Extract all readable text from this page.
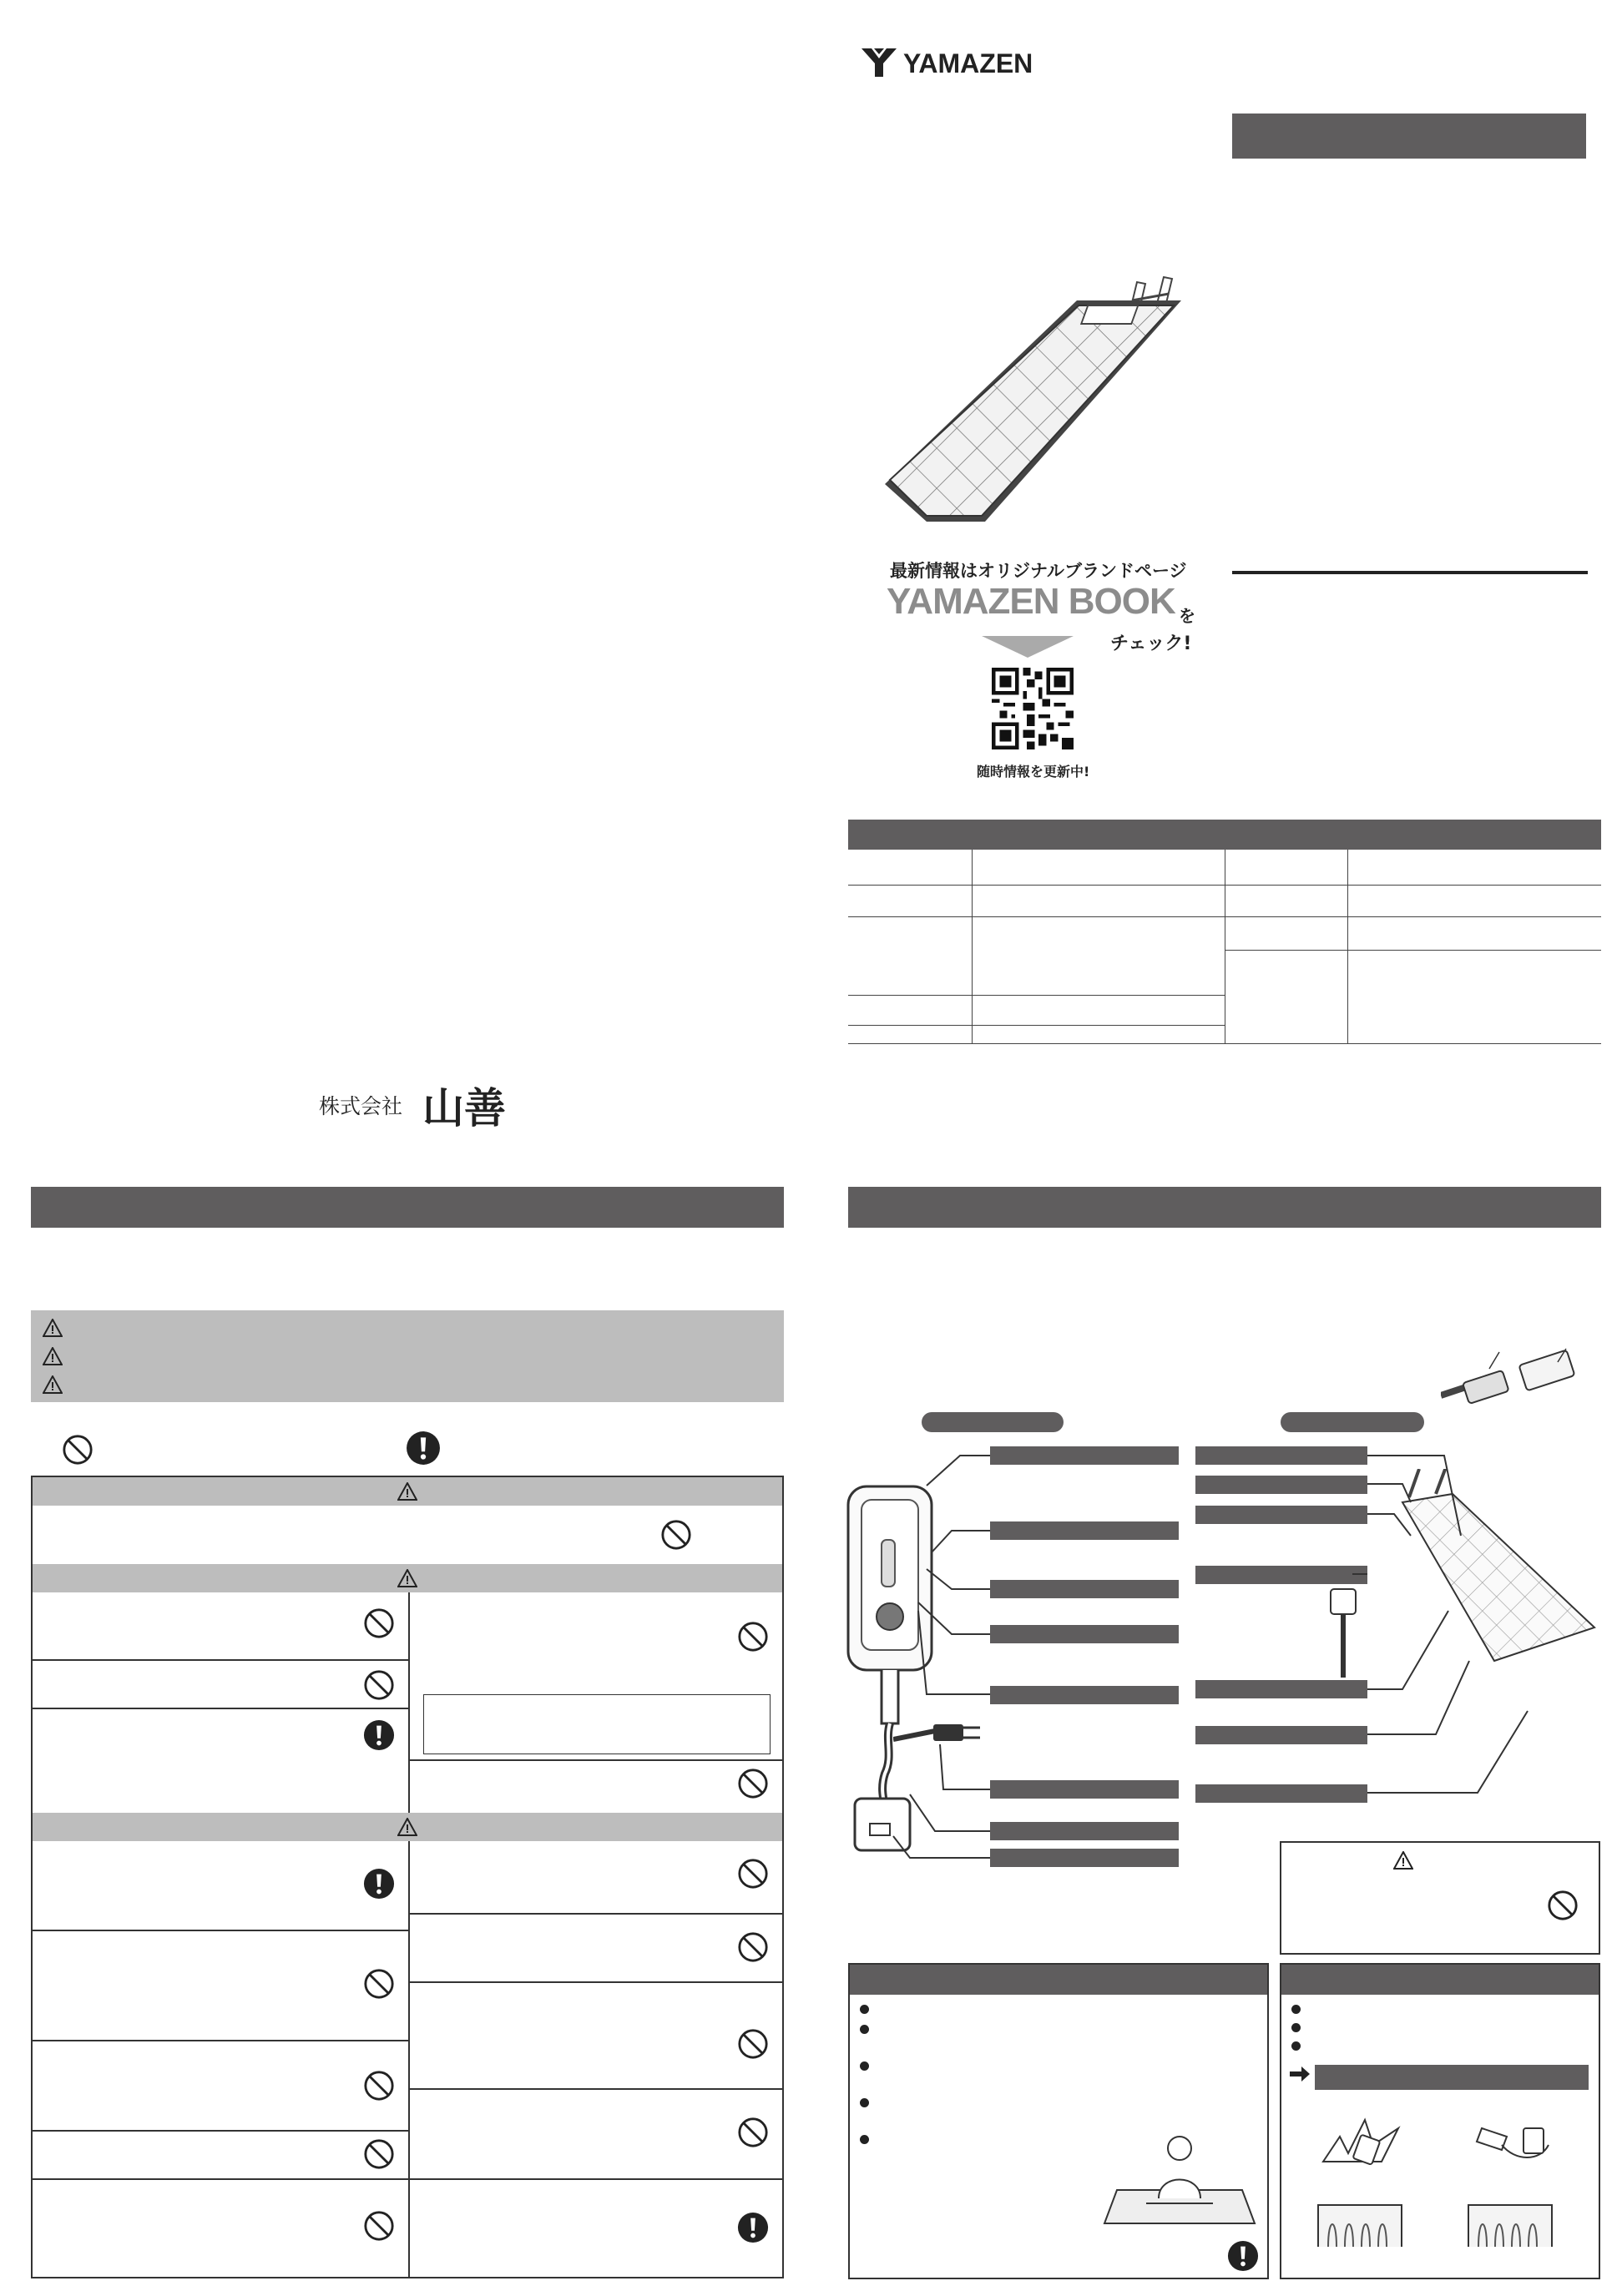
YAMAZEN
最新情報はオリジナルブランドページ
YAMAZEN BOOK を
チェック!
随時情報を更新中!
株式会社 山善
